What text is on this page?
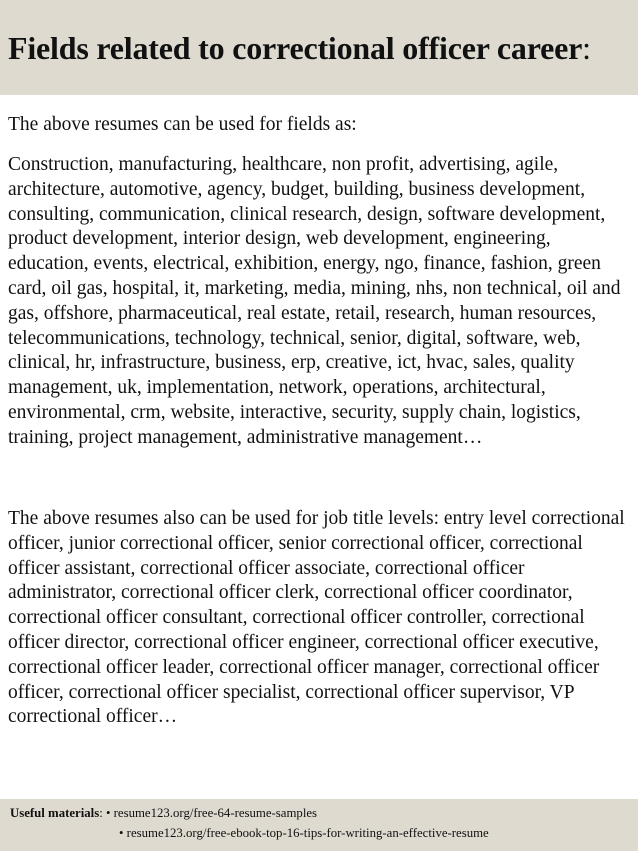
Fields related to correctional officer career:

The above resumes can be used for fields as:

Construction, manufacturing, healthcare, non profit, advertising, agile, architecture, automotive, agency, budget, building, business development, consulting, communication, clinical research, design, software development, product development, interior design, web development, engineering, education, events, electrical, exhibition, energy, ngo, finance, fashion, green card, oil gas, hospital, it, marketing, media, mining, nhs, non technical, oil and gas, offshore, pharmaceutical, real estate, retail, research, human resources, telecommunications, technology, technical, senior, digital, software, web, clinical, hr, infrastructure, business, erp, creative, ict, hvac, sales, quality management, uk, implementation, network, operations, architectural, environmental, crm, website, interactive, security, supply chain, logistics, training, project management, administrative management…

The above resumes also can be used for job title levels: entry level correctional officer, junior correctional officer, senior correctional officer, correctional officer assistant, correctional officer associate, correctional officer administrator, correctional officer clerk, correctional officer coordinator, correctional officer consultant, correctional officer controller, correctional officer director, correctional officer engineer, correctional officer executive, correctional officer leader, correctional officer manager, correctional officer officer, correctional officer specialist, correctional officer supervisor, VP correctional officer…

Useful materials: • resume123.org/free-64-resume-samples
• resume123.org/free-ebook-top-16-tips-for-writing-an-effective-resume
